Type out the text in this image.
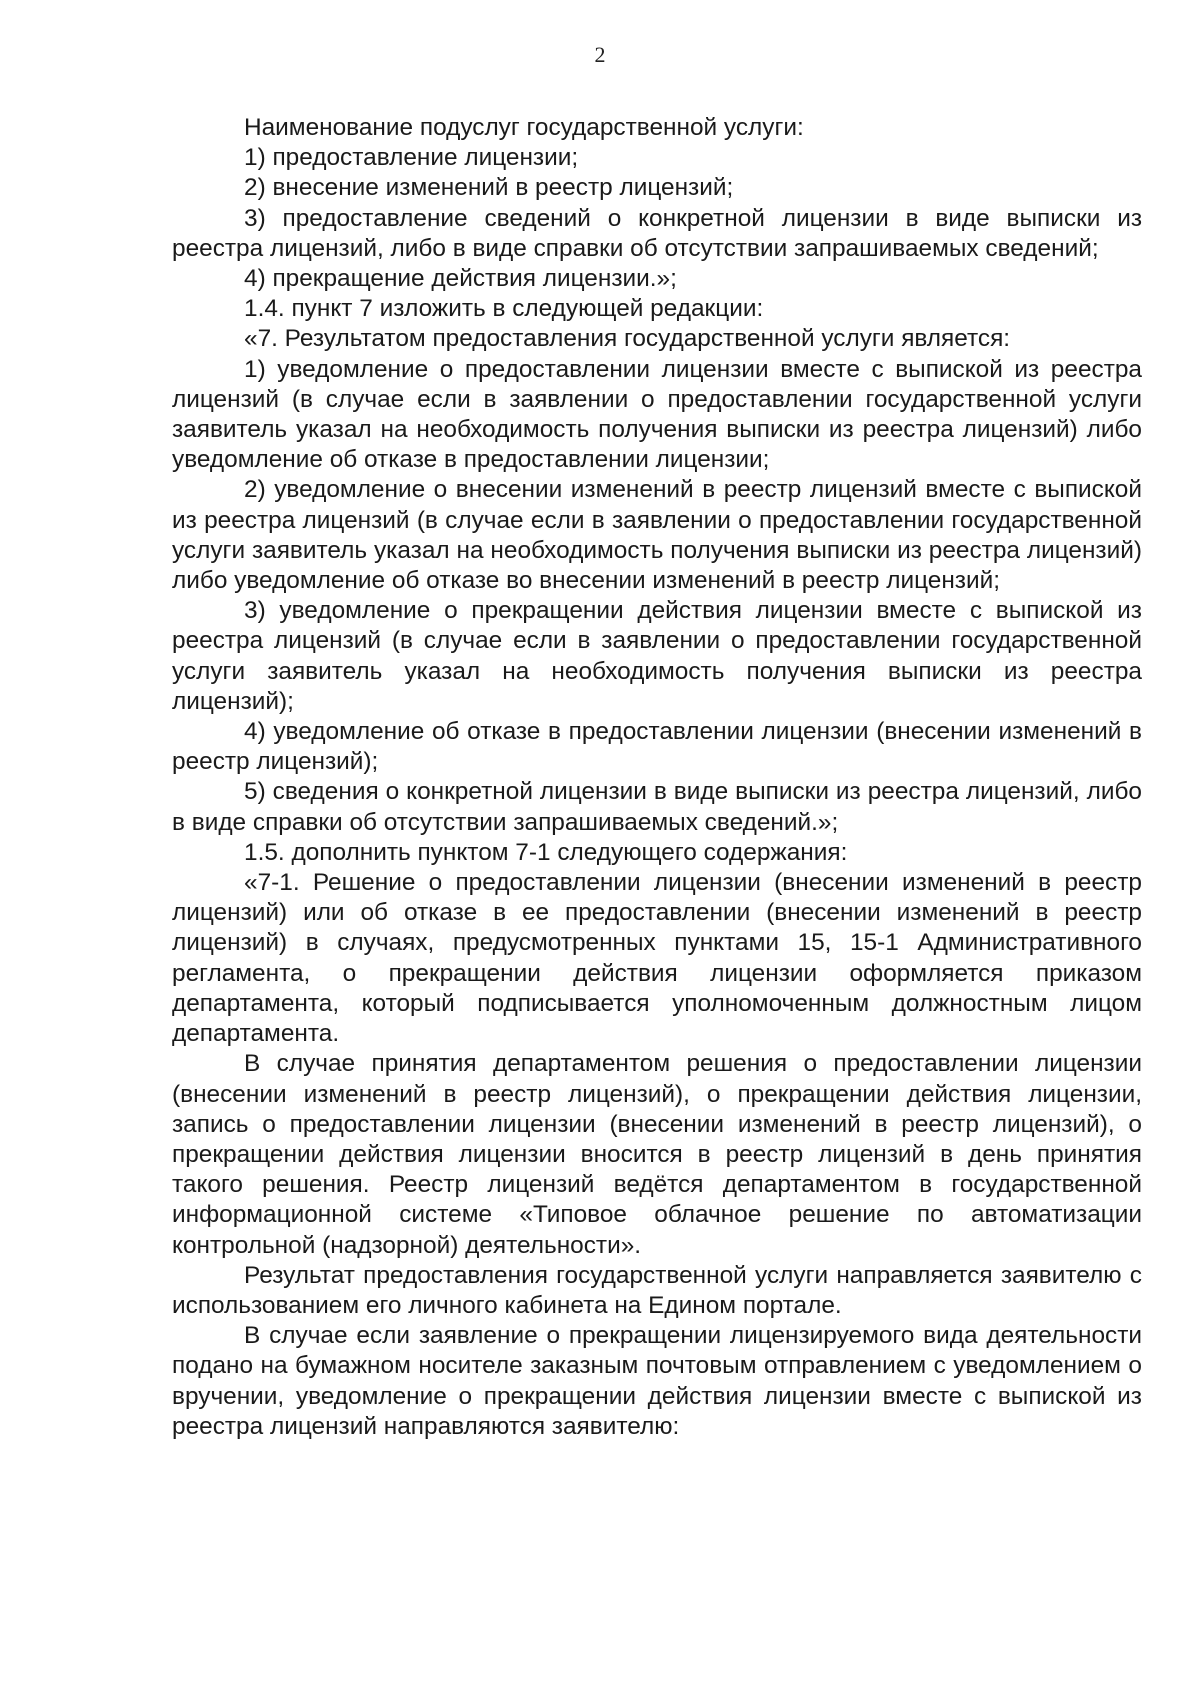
2

Наименование подуслуг государственной услуги:

1) предоставление лицензии;

2) внесение изменений в реестр лицензий;

3) предоставление сведений о конкретной лицензии в виде выписки из реестра лицензий, либо в виде справки об отсутствии запрашиваемых сведений;

4) прекращение действия лицензии.»;

1.4. пункт 7 изложить в следующей редакции:

«7. Результатом предоставления государственной услуги является:

1) уведомление о предоставлении лицензии вместе с выпиской из реестра лицензий (в случае если в заявлении о предоставлении государственной услуги заявитель указал на необходимость получения выписки из реестра лицензий) либо уведомление об отказе в предоставлении лицензии;

2) уведомление о внесении изменений в реестр лицензий вместе с выпиской из реестра лицензий (в случае если в заявлении о предоставлении государственной услуги заявитель указал на необходимость получения выписки из реестра лицензий) либо уведомление об отказе во внесении изменений в реестр лицензий;

3) уведомление о прекращении действия лицензии вместе с выпиской из реестра лицензий (в случае если в заявлении о предоставлении государственной услуги заявитель указал на необходимость получения выписки из реестра лицензий);

4) уведомление об отказе в предоставлении лицензии (внесении изменений в реестр лицензий);

5) сведения о конкретной лицензии в виде выписки из реестра лицензий, либо в виде справки об отсутствии запрашиваемых сведений.»;

1.5. дополнить пунктом 7-1 следующего содержания:

«7-1. Решение о предоставлении лицензии (внесении изменений в реестр лицензий) или об отказе в ее предоставлении (внесении изменений в реестр лицензий) в случаях, предусмотренных пунктами 15, 15-1 Административного регламента, о прекращении действия лицензии оформляется приказом департамента, который подписывается уполномоченным должностным лицом департамента.

В случае принятия департаментом решения о предоставлении лицензии (внесении изменений в реестр лицензий), о прекращении действия лицензии, запись о предоставлении лицензии (внесении изменений в реестр лицензий), о прекращении действия лицензии вносится в реестр лицензий в день принятия такого решения. Реестр лицензий ведётся департаментом в государственной информационной системе «Типовое облачное решение по автоматизации контрольной (надзорной) деятельности».

Результат предоставления государственной услуги направляется заявителю с использованием его личного кабинета на Едином портале.

В случае если заявление о прекращении лицензируемого вида деятельности подано на бумажном носителе заказным почтовым отправлением с уведомлением о вручении, уведомление о прекращении действия лицензии вместе с выпиской из реестра лицензий направляются заявителю:
